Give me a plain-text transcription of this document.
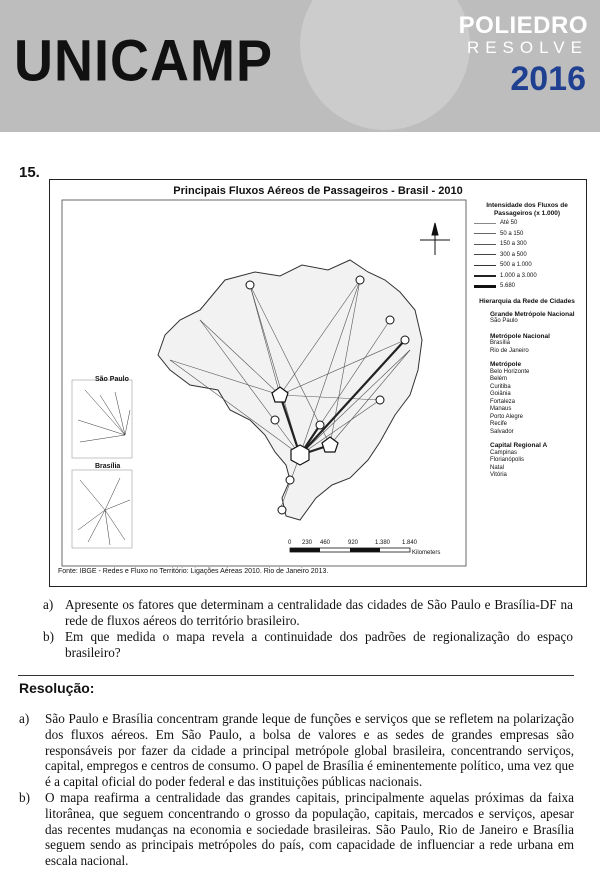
UNICAMP
POLIEDRO
RESOLVE
2016
15.
Principais Fluxos Aéreos de Passageiros - Brasil - 2010
São Paulo
Brasília
0 230 460	920	1.380 1.840
Kilometers
Intensidade dos Fluxos de Passageiros (x 1.000)
Até 50
50 a 150
150 a 300
300 a 500
500 a 1.000
1.000 a 3.000
5.680
Hierarquia da Rede de Cidades
Grande Metrópole Nacional
São Paulo
Metrópole Nacional
Brasília
Rio de Janeiro
Metrópole
Belo Horizonte
Belém
Curitiba
Goiânia
Fortaleza
Manaus
Porto Alegre
Recife
Salvador
Capital Regional A
Campinas
Florianópolis
Natal
Vitória
Fonte: IBGE - Redes e Fluxo no Território: Ligações Aéreas 2010. Rio de Janeiro 2013.
a) Apresente os fatores que determinam a centralidade das cidades de São Paulo e Brasília-DF na rede de fluxos aéreos do território brasileiro.
b) Em que medida o mapa revela a continuidade dos padrões de regionalização do espaço brasileiro?
Resolução:
a) São Paulo e Brasília concentram grande leque de funções e serviços que se refletem na polarização dos fluxos aéreos. Em São Paulo, a bolsa de valores e as sedes de grandes empresas são responsáveis por fazer da cidade a principal metrópole global brasileira, concentrando serviços, capital, empregos e centros de consumo. O papel de Brasília é eminentemente político, uma vez que é a capital oficial do poder federal e das instituições públicas nacionais.
b) O mapa reafirma a centralidade das grandes capitais, principalmente aquelas próximas da faixa litorânea, que seguem concentrando o grosso da população, capitais, mercados e serviços, apesar das recentes mudanças na economia e sociedade brasileiras. São Paulo, Rio de Janeiro e Brasília seguem sendo as principais metrópoles do país, com capacidade de influenciar a rede urbana em escala nacional.
